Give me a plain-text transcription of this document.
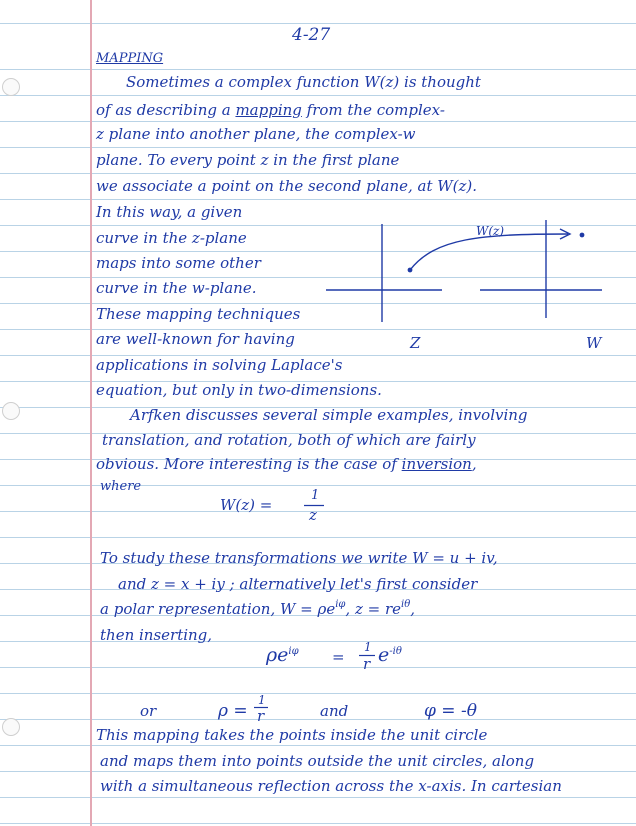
4-27

MAPPING

Sometimes a complex function W(z) is thought

of as describing a mapping from the complex-

z plane into another plane, the complex-w

plane. To every point z in the first plane

we associate a point on the second plane, at W(z).

In this way, a given

curve in the z-plane

maps into some other

curve in the w-plane.

These mapping techniques

are well-known for having

applications in solving Laplace's

equation, but only in two-dimensions.

Arfken discusses several simple examples, involving

translation, and rotation, both of which are fairly

obvious. More interesting is the case of inversion,

where

W(z)

Z	W

W(z) =

1

z

To study these transformations we write W = u + iv,

and z = x + iy ; alternatively let's first consider

a polar representation, $W = \rho e^{i\varphi}$, $z = re^{i\theta}$,

then inserting,

$\rho e^{i\varphi}$ =

1

r $e^{-i\theta}$

or	ρ =

1

r	and	φ = -θ

This mapping takes the points inside the unit circle

and maps them into points outside the unit circles, along

with a simultaneous reflection across the x-axis. In cartesian
